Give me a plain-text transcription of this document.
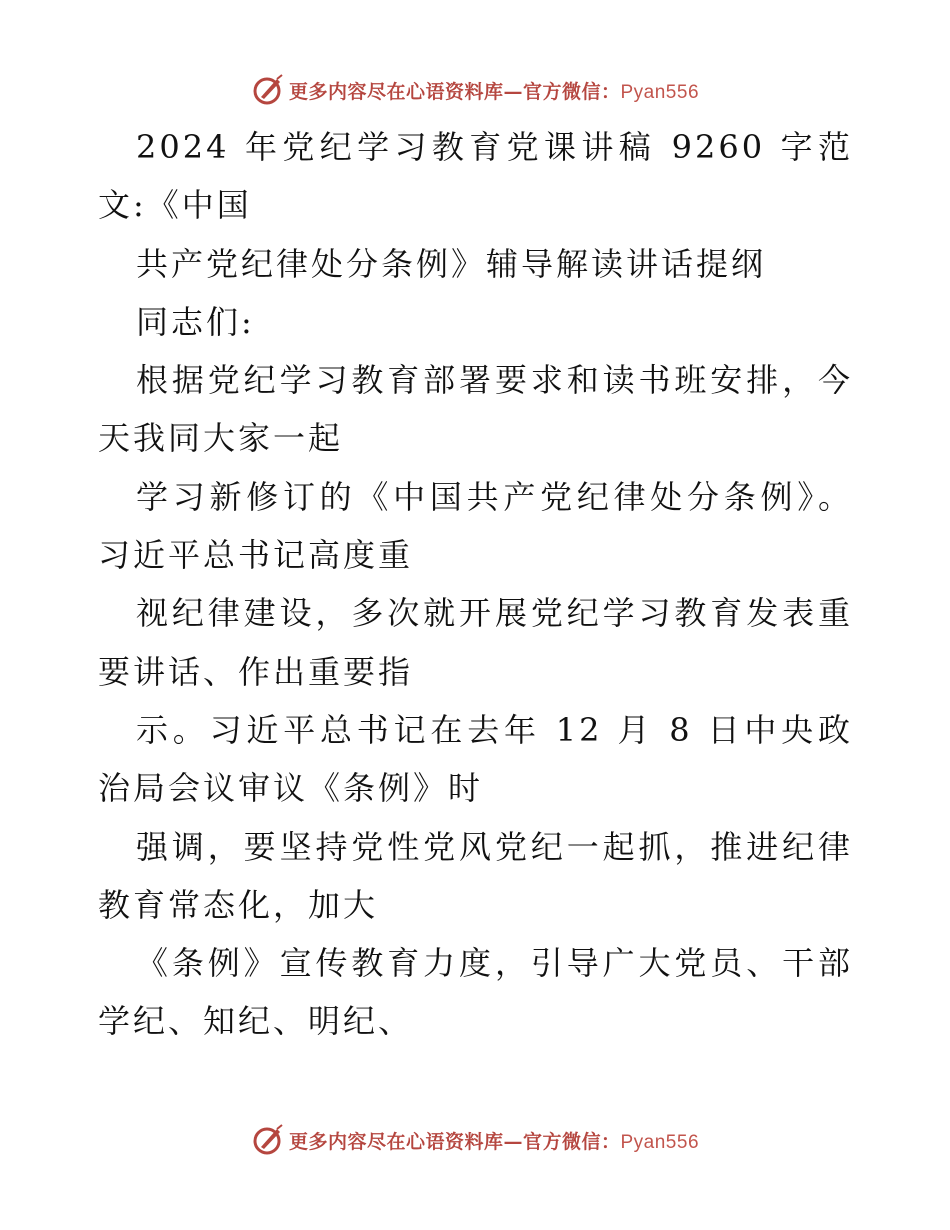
更多内容尽在心语资料库—官方微信：Pyan556

2024 年党纪学习教育党课讲稿 9260 字范文:《中国

共产党纪律处分条例》辅导解读讲话提纲

同志们:

根据党纪学习教育部署要求和读书班安排，今天我同大家一起

学习新修订的《中国共产党纪律处分条例》。习近平总书记高度重

视纪律建设，多次就开展党纪学习教育发表重要讲话、作出重要指

示。习近平总书记在去年 12 月 8 日中央政治局会议审议《条例》时

强调，要坚持党性党风党纪一起抓，推进纪律教育常态化，加大

《条例》宣传教育力度，引导广大党员、干部学纪、知纪、明纪、

更多内容尽在心语资料库—官方微信：Pyan556
